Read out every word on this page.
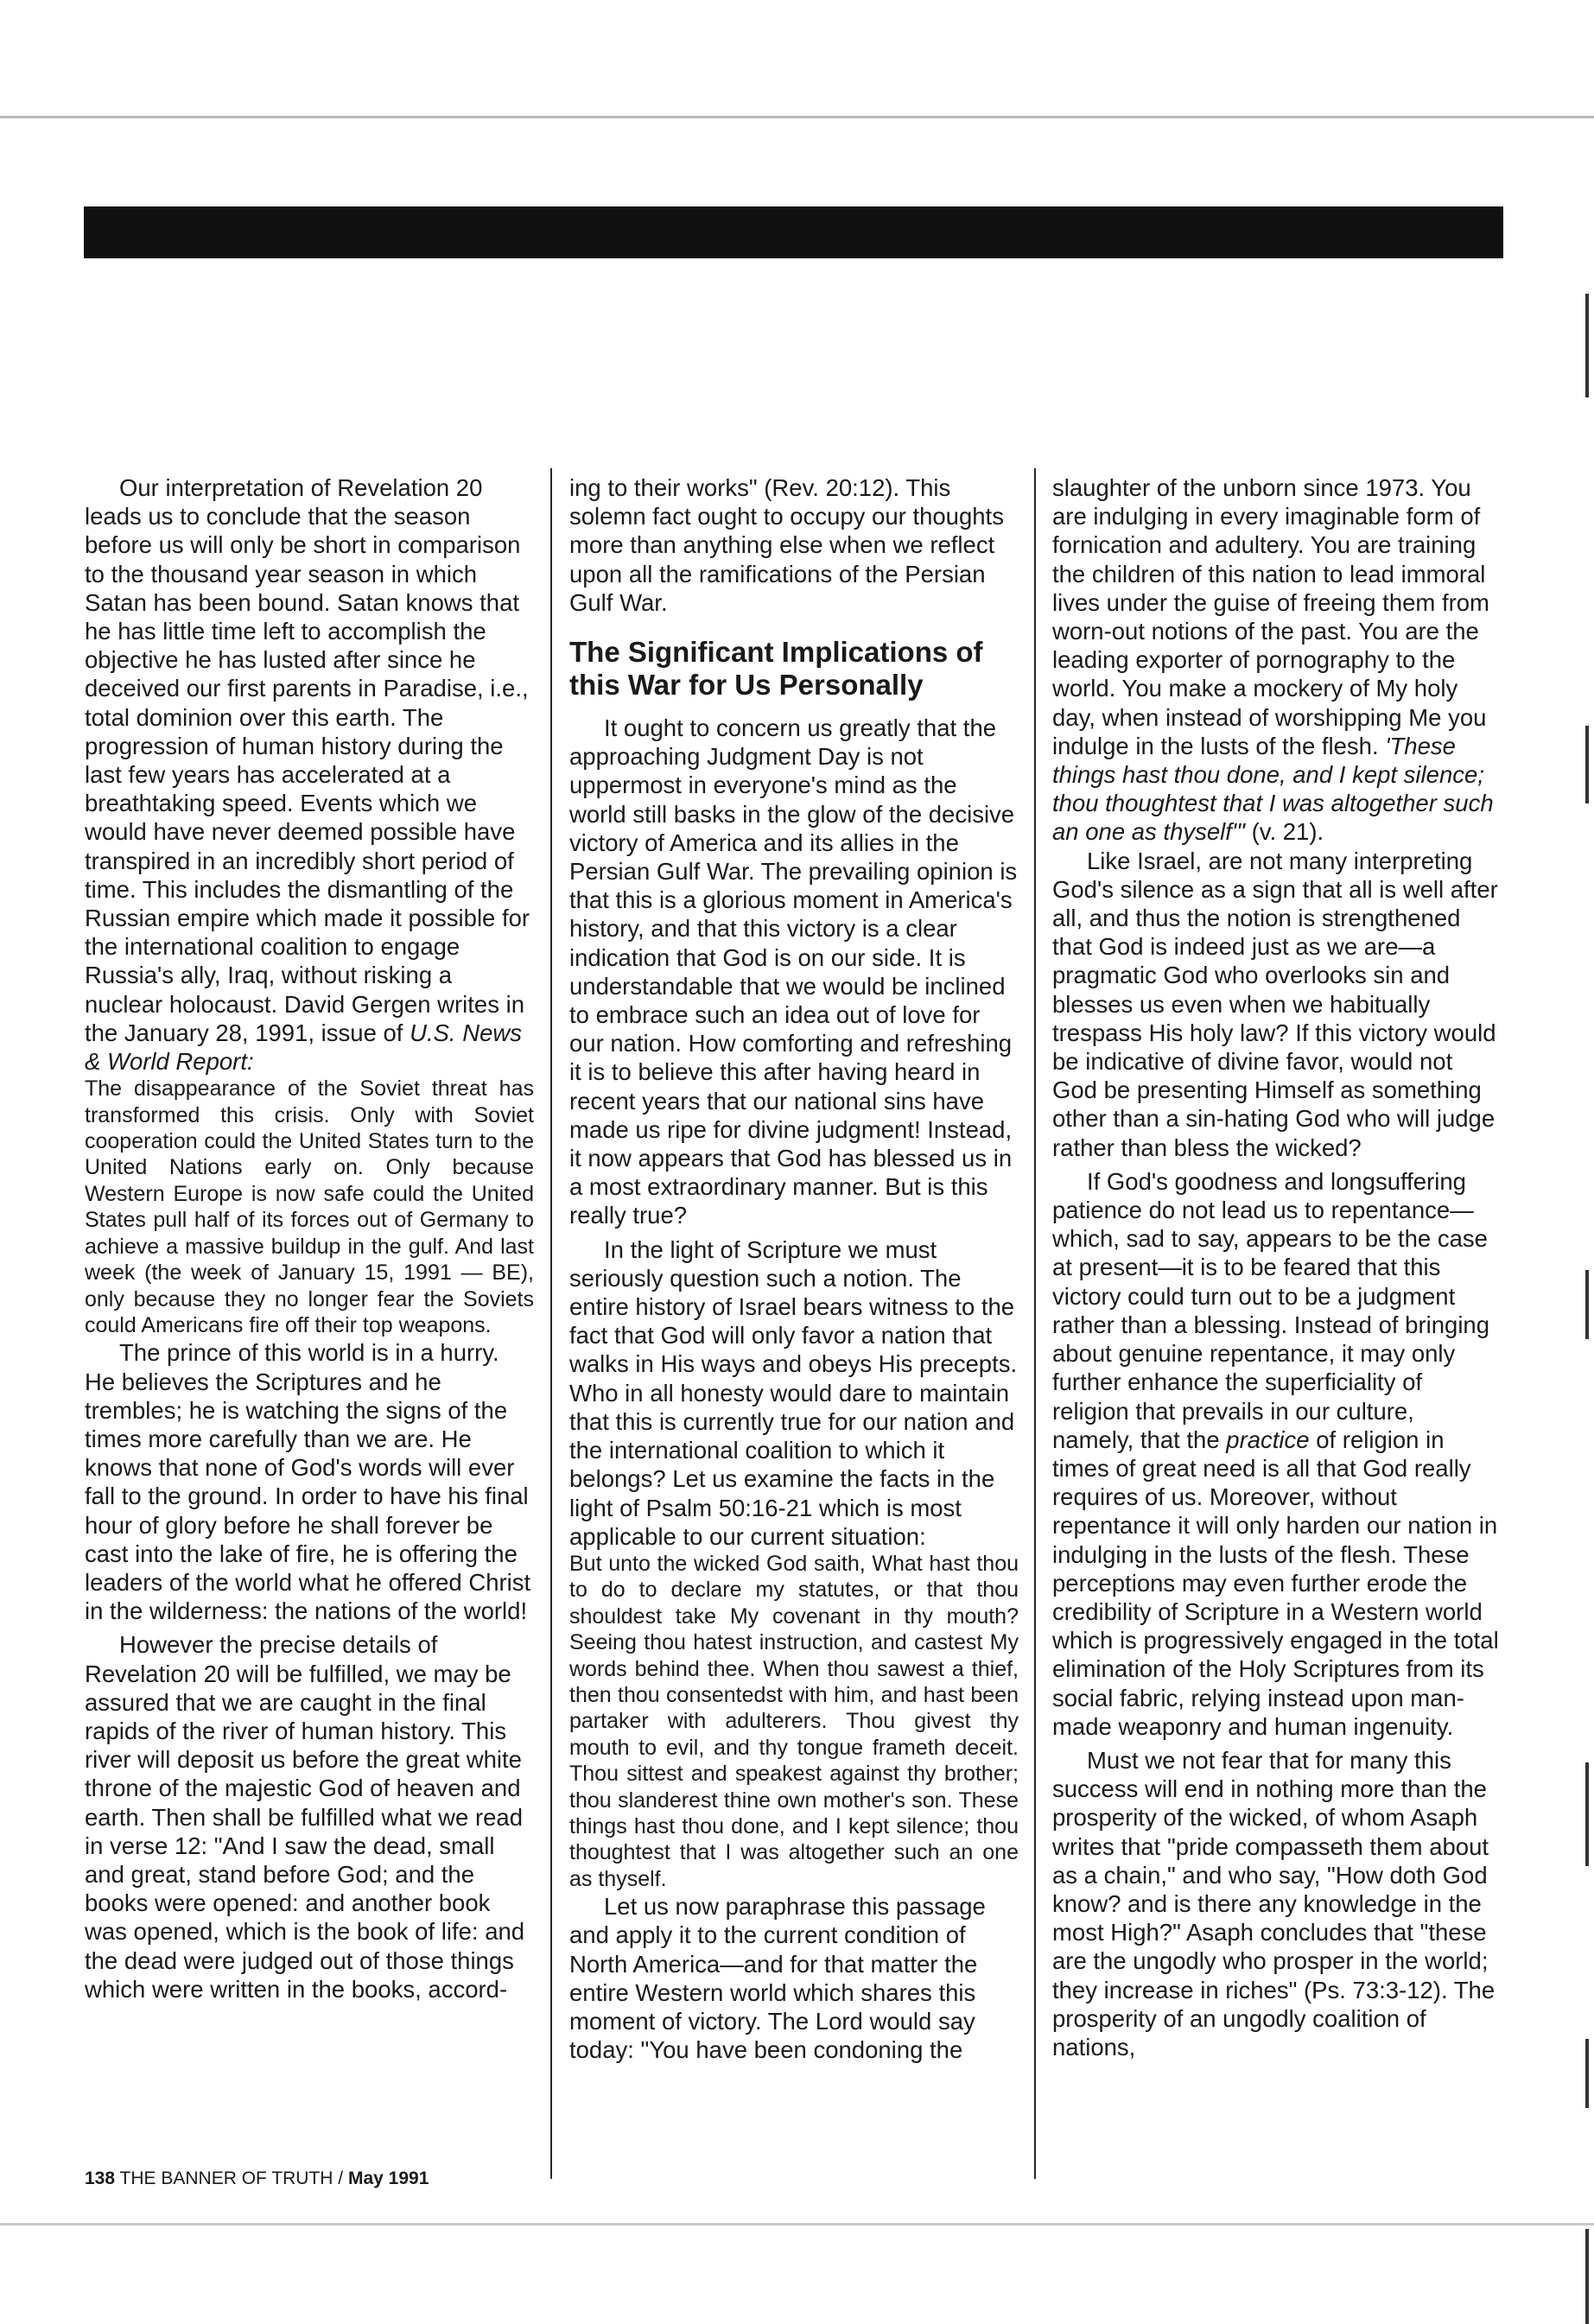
Our interpretation of Revelation 20 leads us to conclude that the season before us will only be short in comparison to the thousand year season in which Satan has been bound. Satan knows that he has little time left to accomplish the objective he has lusted after since he deceived our first parents in Paradise, i.e., total dominion over this earth. The progression of human history during the last few years has accelerated at a breathtaking speed. Events which we would have never deemed possible have transpired in an incredibly short period of time. This includes the dismantling of the Russian empire which made it possible for the international coalition to engage Russia's ally, Iraq, without risking a nuclear holocaust. David Gergen writes in the January 28, 1991, issue of U.S. News & World Report:

The disappearance of the Soviet threat has transformed this crisis. Only with Soviet cooperation could the United States turn to the United Nations early on. Only because Western Europe is now safe could the United States pull half of its forces out of Germany to achieve a massive buildup in the gulf. And last week (the week of January 15, 1991 — BE), only because they no longer fear the Soviets could Americans fire off their top weapons.

The prince of this world is in a hurry. He believes the Scriptures and he trembles; he is watching the signs of the times more carefully than we are. He knows that none of God's words will ever fall to the ground. In order to have his final hour of glory before he shall forever be cast into the lake of fire, he is offering the leaders of the world what he offered Christ in the wilderness: the nations of the world!

However the precise details of Revelation 20 will be fulfilled, we may be assured that we are caught in the final rapids of the river of human history. This river will deposit us before the great white throne of the majestic God of heaven and earth. Then shall be fulfilled what we read in verse 12: "And I saw the dead, small and great, stand before God; and the books were opened: and another book was opened, which is the book of life: and the dead were judged out of those things which were written in the books, accord-

ing to their works" (Rev. 20:12). This solemn fact ought to occupy our thoughts more than anything else when we reflect upon all the ramifications of the Persian Gulf War.

The Significant Implications of this War for Us Personally

It ought to concern us greatly that the approaching Judgment Day is not uppermost in everyone's mind as the world still basks in the glow of the decisive victory of America and its allies in the Persian Gulf War. The prevailing opinion is that this is a glorious moment in America's history, and that this victory is a clear indication that God is on our side. It is understandable that we would be inclined to embrace such an idea out of love for our nation. How comforting and refreshing it is to believe this after having heard in recent years that our national sins have made us ripe for divine judgment! Instead, it now appears that God has blessed us in a most extraordinary manner. But is this really true?

In the light of Scripture we must seriously question such a notion. The entire history of Israel bears witness to the fact that God will only favor a nation that walks in His ways and obeys His precepts. Who in all honesty would dare to maintain that this is currently true for our nation and the international coalition to which it belongs? Let us examine the facts in the light of Psalm 50:16-21 which is most applicable to our current situation:

But unto the wicked God saith, What hast thou to do to declare my statutes, or that thou shouldest take My covenant in thy mouth? Seeing thou hatest instruction, and castest My words behind thee. When thou sawest a thief, then thou consentedst with him, and hast been partaker with adulterers. Thou givest thy mouth to evil, and thy tongue frameth deceit. Thou sittest and speakest against thy brother; thou slanderest thine own mother's son. These things hast thou done, and I kept silence; thou thoughtest that I was altogether such an one as thyself.

Let us now paraphrase this passage and apply it to the current condition of North America—and for that matter the entire Western world which shares this moment of victory. The Lord would say today: "You have been condoning the

slaughter of the unborn since 1973. You are indulging in every imaginable form of fornication and adultery. You are training the children of this nation to lead immoral lives under the guise of freeing them from worn-out notions of the past. You are the leading exporter of pornography to the world. You make a mockery of My holy day, when instead of worshipping Me you indulge in the lusts of the flesh. 'These things hast thou done, and I kept silence; thou thoughtest that I was altogether such an one as thyself'" (v. 21).

Like Israel, are not many interpreting God's silence as a sign that all is well after all, and thus the notion is strengthened that God is indeed just as we are—a pragmatic God who overlooks sin and blesses us even when we habitually trespass His holy law? If this victory would be indicative of divine favor, would not God be presenting Himself as something other than a sin-hating God who will judge rather than bless the wicked?

If God's goodness and longsuffering patience do not lead us to repentance—which, sad to say, appears to be the case at present—it is to be feared that this victory could turn out to be a judgment rather than a blessing. Instead of bringing about genuine repentance, it may only further enhance the superficiality of religion that prevails in our culture, namely, that the practice of religion in times of great need is all that God really requires of us. Moreover, without repentance it will only harden our nation in indulging in the lusts of the flesh. These perceptions may even further erode the credibility of Scripture in a Western world which is progressively engaged in the total elimination of the Holy Scriptures from its social fabric, relying instead upon man-made weaponry and human ingenuity.

Must we not fear that for many this success will end in nothing more than the prosperity of the wicked, of whom Asaph writes that "pride compasseth them about as a chain," and who say, "How doth God know? and is there any knowledge in the most High?" Asaph concludes that "these are the ungodly who prosper in the world; they increase in riches" (Ps. 73:3-12). The prosperity of an ungodly coalition of nations,

138 THE BANNER OF TRUTH / May 1991
